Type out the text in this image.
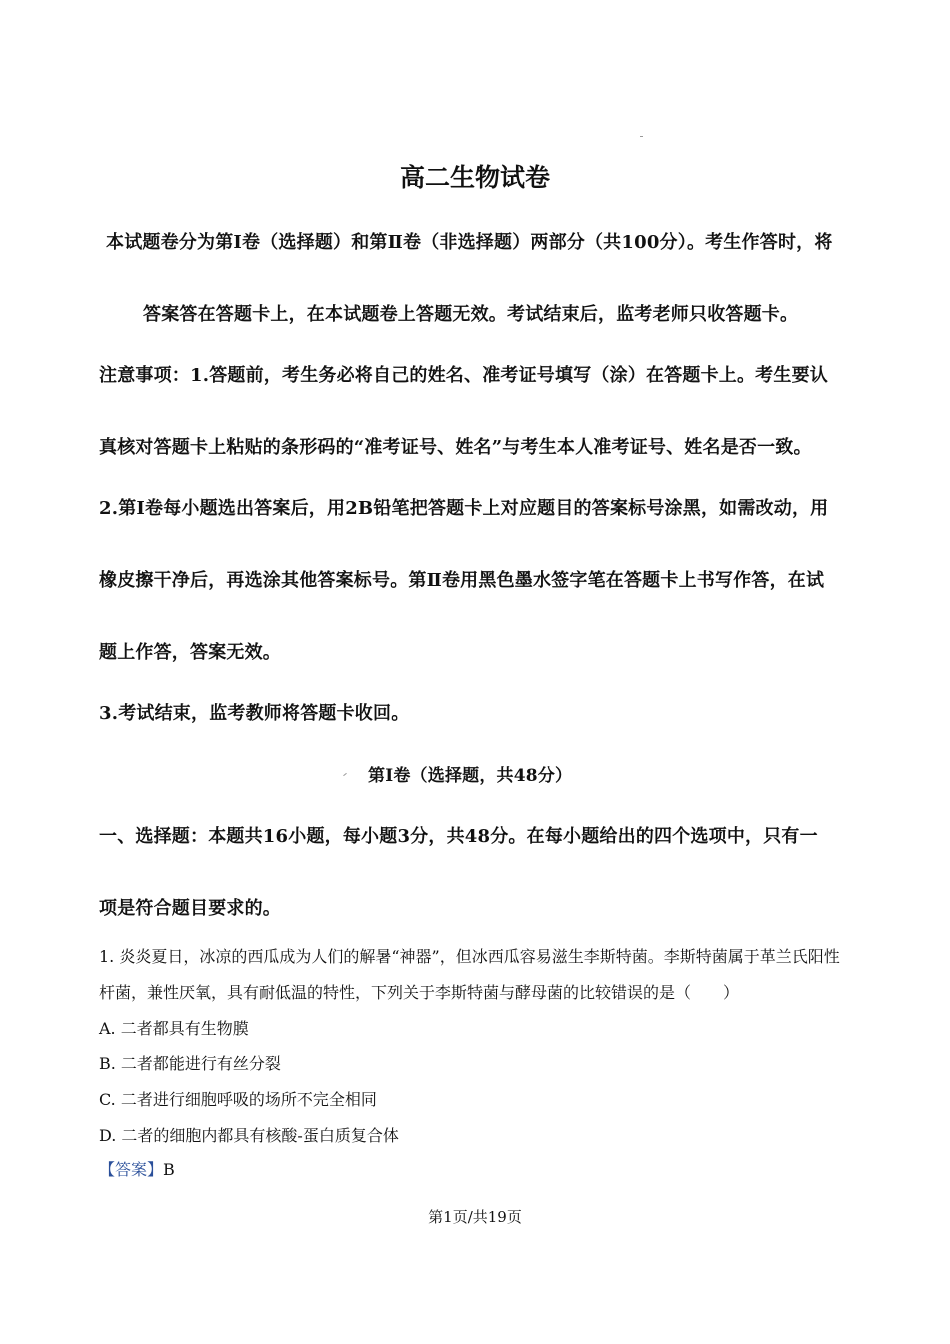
高二生物试卷
本试题卷分为第Ⅰ卷（选择题）和第Ⅱ卷（非选择题）两部分（共100分）。考生作答时，将
答案答在答题卡上，在本试题卷上答题无效。考试结束后，监考老师只收答题卡。
注意事项：1.答题前，考生务必将自己的姓名、准考证号填写（涂）在答题卡上。考生要认
真核对答题卡上粘贴的条形码的“准考证号、姓名”与考生本人准考证号、姓名是否一致。
2.第Ⅰ卷每小题选出答案后，用2B铅笔把答题卡上对应题目的答案标号涂黑，如需改动，用
橡皮擦干净后，再选涂其他答案标号。第Ⅱ卷用黑色墨水签字笔在答题卡上书写作答，在试
题上作答，答案无效。
3.考试结束，监考教师将答题卡收回。
第Ⅰ卷（选择题，共48分）
一、选择题：本题共16小题，每小题3分，共48分。在每小题给出的四个选项中，只有一
项是符合题目要求的。
1. 炎炎夏日，冰凉的西瓜成为人们的解暑“神器”，但冰西瓜容易滋生李斯特菌。李斯特菌属于革兰氏阳性
杆菌，兼性厌氧，具有耐低温的特性，下列关于李斯特菌与酵母菌的比较错误的是（　　）
A. 二者都具有生物膜
B. 二者都能进行有丝分裂
C. 二者进行细胞呼吸的场所不完全相同
D. 二者的细胞内都具有核酸-蛋白质复合体
【答案】B
第1页/共19页
